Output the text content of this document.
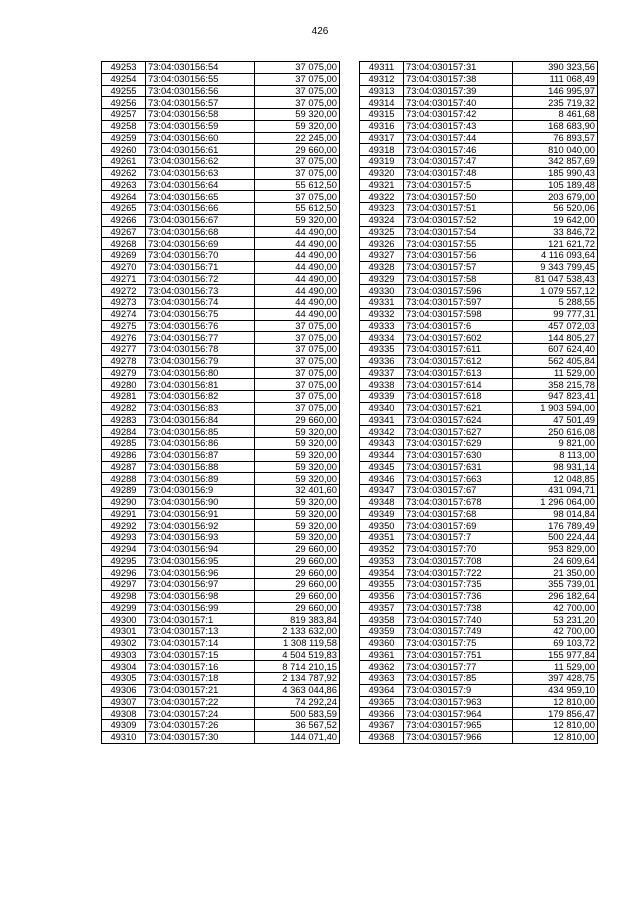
426
49253	73:04:030156:54	37 075,00
49254	73:04:030156:55	37 075,00
49255	73:04:030156:56	37 075,00
49256	73:04:030156:57	37 075,00
49257	73:04:030156:58	59 320,00
49258	73:04:030156:59	59 320,00
49259	73:04:030156:60	22 245,00
49260	73:04:030156:61	29 660,00
49261	73:04:030156:62	37 075,00
49262	73:04:030156:63	37 075,00
49263	73:04:030156:64	55 612,50
49264	73:04:030156:65	37 075,00
49265	73:04:030156:66	55 612,50
49266	73:04:030156:67	59 320,00
49267	73:04:030156:68	44 490,00
49268	73:04:030156:69	44 490,00
49269	73:04:030156:70	44 490,00
49270	73:04:030156:71	44 490,00
49271	73:04:030156:72	44 490,00
49272	73:04:030156:73	44 490,00
49273	73:04:030156:74	44 490,00
49274	73:04:030156:75	44 490,00
49275	73:04:030156:76	37 075,00
49276	73:04:030156:77	37 075,00
49277	73:04:030156:78	37 075,00
49278	73:04:030156:79	37 075,00
49279	73:04:030156:80	37 075,00
49280	73:04:030156:81	37 075,00
49281	73:04:030156:82	37 075,00
49282	73:04:030156:83	37 075,00
49283	73:04:030156:84	29 660,00
49284	73:04:030156:85	59 320,00
49285	73:04:030156:86	59 320,00
49286	73:04:030156:87	59 320,00
49287	73:04:030156:88	59 320,00
49288	73:04:030156:89	59 320,00
49289	73:04:030156:9	32 401,60
49290	73:04:030156:90	59 320,00
49291	73:04:030156:91	59 320,00
49292	73:04:030156:92	59 320,00
49293	73:04:030156:93	59 320,00
49294	73:04:030156:94	29 660,00
49295	73:04:030156:95	29 660,00
49296	73:04:030156:96	29 660,00
49297	73:04:030156:97	29 660,00
49298	73:04:030156:98	29 660,00
49299	73:04:030156:99	29 660,00
49300	73:04:030157:1	819 383,84
49301	73:04:030157:13	2 133 632,00
49302	73:04:030157:14	1 308 119,58
49303	73:04:030157:15	4 504 519,83
49304	73:04:030157:16	8 714 210,15
49305	73:04:030157:18	2 134 787,92
49306	73:04:030157:21	4 363 044,86
49307	73:04:030157:22	74 292,24
49308	73:04:030157:24	500 583,59
49309	73:04:030157:26	36 567,52
49310	73:04:030157:30	144 071,40
49311	73:04:030157:31	390 323,56
49312	73:04:030157:38	111 068,49
49313	73:04:030157:39	146 995,97
49314	73:04:030157:40	235 719,32
49315	73:04:030157:42	8 461,68
49316	73:04:030157:43	168 683,90
49317	73:04:030157:44	76 893,57
49318	73:04:030157:46	810 040,00
49319	73:04:030157:47	342 857,69
49320	73:04:030157:48	185 990,43
49321	73:04:030157:5	105 189,48
49322	73:04:030157:50	203 679,00
49323	73:04:030157:51	56 520,06
49324	73:04:030157:52	19 642,00
49325	73:04:030157:54	33 846,72
49326	73:04:030157:55	121 621,72
49327	73:04:030157:56	4 116 093,64
49328	73:04:030157:57	9 343 799,45
49329	73:04:030157:58	81 047 538,43
49330	73:04:030157:596	1 079 557,12
49331	73:04:030157:597	5 288,55
49332	73:04:030157:598	99 777,31
49333	73:04:030157:6	457 072,03
49334	73:04:030157:602	144 805,27
49335	73:04:030157:611	607 624,40
49336	73:04:030157:612	562 405,84
49337	73:04:030157:613	11 529,00
49338	73:04:030157:614	358 215,78
49339	73:04:030157:618	947 823,41
49340	73:04:030157:621	1 903 594,00
49341	73:04:030157:624	47 501,49
49342	73:04:030157:627	250 616,08
49343	73:04:030157:629	9 821,00
49344	73:04:030157:630	8 113,00
49345	73:04:030157:631	98 931,14
49346	73:04:030157:663	12 048,85
49347	73:04:030157:67	431 094,71
49348	73:04:030157:678	1 296 064,00
49349	73:04:030157:68	98 014,84
49350	73:04:030157:69	176 789,49
49351	73:04:030157:7	500 224,44
49352	73:04:030157:70	953 829,00
49353	73:04:030157:708	24 609,64
49354	73:04:030157:722	21 350,00
49355	73:04:030157:735	355 739,01
49356	73:04:030157:736	296 182,64
49357	73:04:030157:738	42 700,00
49358	73:04:030157:740	53 231,20
49359	73:04:030157:749	42 700,00
49360	73:04:030157:75	69 103,72
49361	73:04:030157:751	155 977,84
49362	73:04:030157:77	11 529,00
49363	73:04:030157:85	397 428,75
49364	73:04:030157:9	434 959,10
49365	73:04:030157:963	12 810,00
49366	73:04:030157:964	179 856,47
49367	73:04:030157:965	12 810,00
49368	73:04:030157:966	12 810,00
